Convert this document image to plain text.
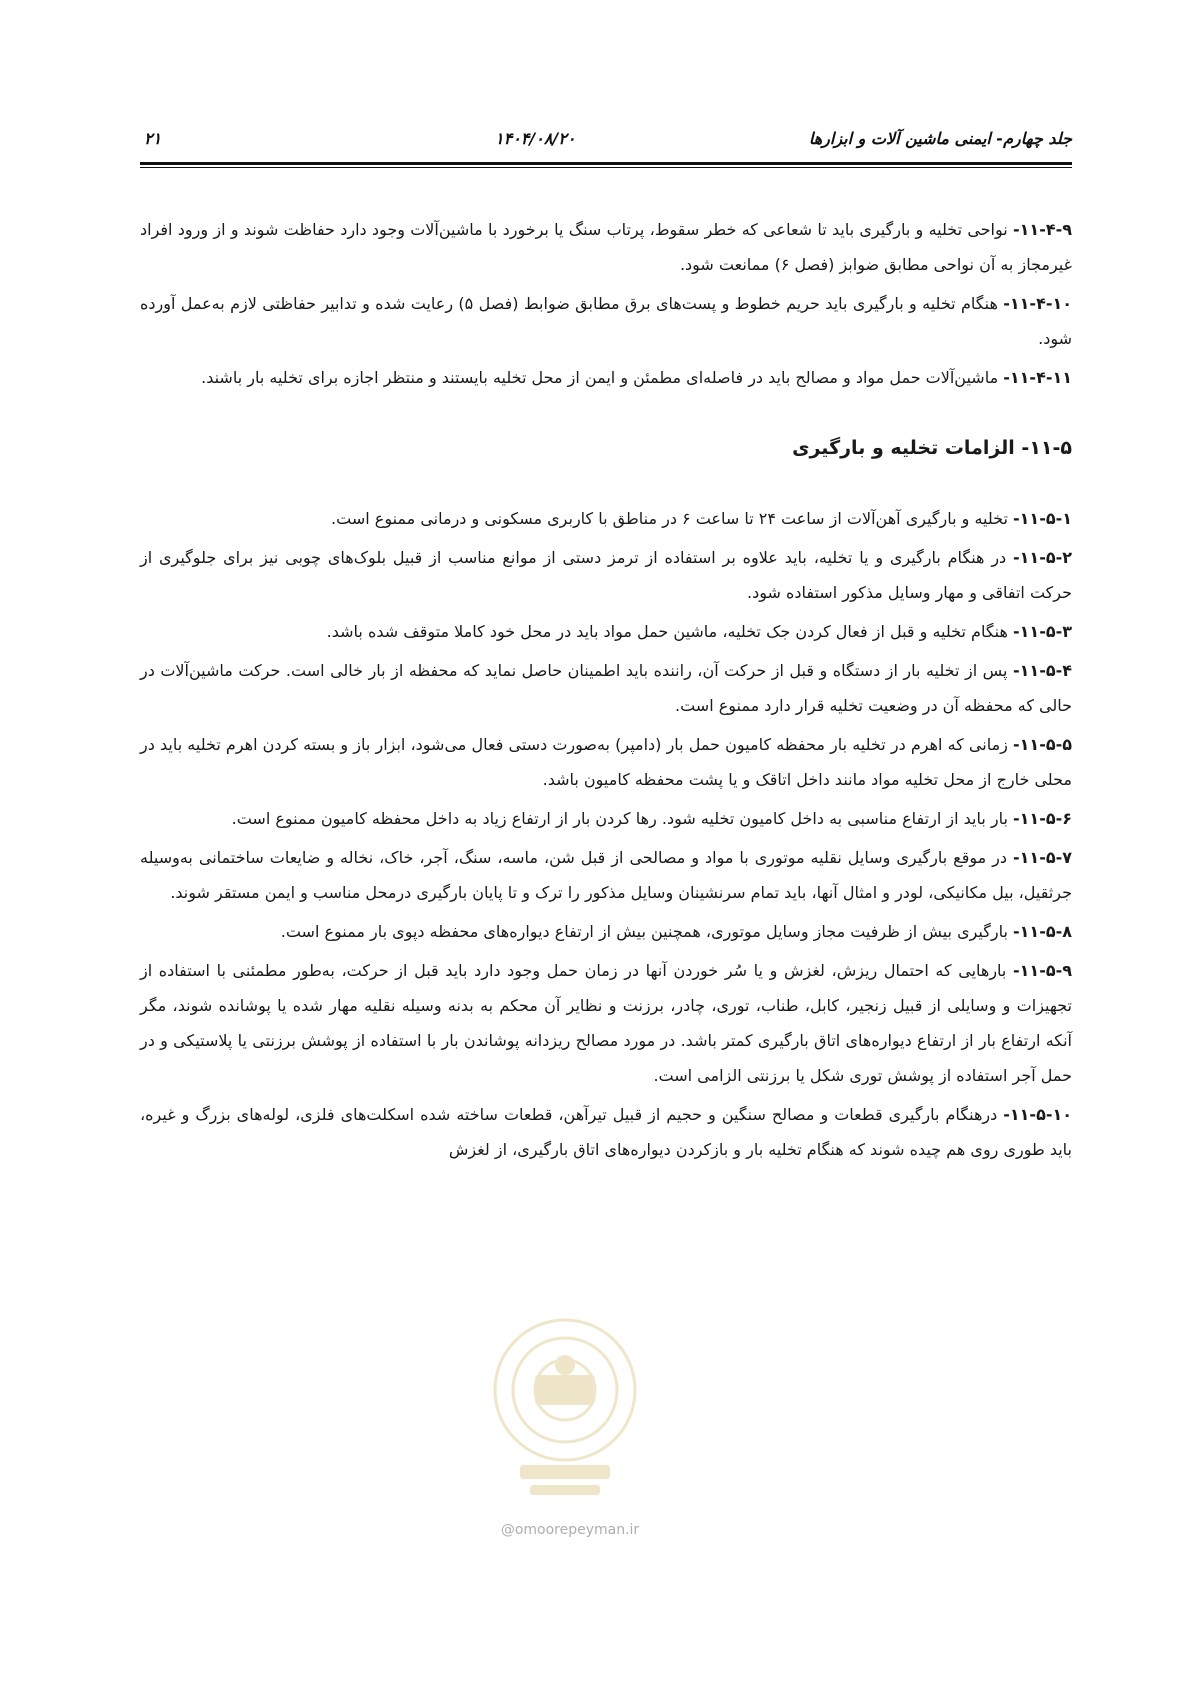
۲۱	۱۴۰۴/۰۸/۲۰	جلد چهارم- ایمنی ماشین آلات و ابزارها
@omoorepeyman.ir

۱۱-۴-۹- نواحی تخلیه و بارگیری باید تا شعاعی که خطر سقوط، پرتاب سنگ یا برخورد با ماشین‌آلات وجود دارد حفاظت شوند و از ورود افراد غیرمجاز به آن نواحی مطابق ضوابز (فصل ۶) ممانعت شود.

۱۱-۴-۱۰- هنگام تخلیه و بارگیری باید حریم خطوط و پست‌های برق مطابق ضوابط (فصل ۵) رعایت شده و تدابیر حفاظتی لازم به‌عمل آورده شود.

۱۱-۴-۱۱- ماشین‌آلات حمل مواد و مصالح باید در فاصله‌ای مطمئن و ایمن از محل تخلیه بایستند و منتظر اجازه برای تخلیه بار باشند.

۱۱-۵- الزامات تخلیه و بارگیری

۱۱-۵-۱- تخلیه و بارگیری آهن‌آلات از ساعت ۲۴ تا ساعت ۶ در مناطق با کاربری مسکونی و درمانی ممنوع است.

۱۱-۵-۲- در هنگام بارگیری و یا تخلیه، باید علاوه بر استفاده از ترمز دستی از موانع مناسب از قبیل بلوک‌های چوبی نیز برای جلوگیری از حرکت اتفاقی و مهار وسایل مذکور استفاده شود.

۱۱-۵-۳- هنگام تخلیه و قبل از فعال کردن جک تخلیه، ماشین حمل مواد باید در محل خود کاملا متوقف شده باشد.

۱۱-۵-۴- پس از تخلیه بار از دستگاه و قبل از حرکت آن، راننده باید اطمینان حاصل نماید که محفظه از بار خالی است. حرکت ماشین‌آلات در حالی که محفظه آن در وضعیت تخلیه قرار دارد ممنوع است.

۱۱-۵-۵- زمانی که اهرم در تخلیه بار محفظه کامیون حمل بار (دامپر) به‌صورت دستی فعال می‌شود، ابزار باز و بسته کردن اهرم تخلیه باید در محلی خارج از محل تخلیه مواد مانند داخل اتاقک و یا پشت محفظه کامیون باشد.

۱۱-۵-۶- بار باید از ارتفاع مناسبی به داخل کامیون تخلیه شود. رها کردن بار از ارتفاع زیاد به داخل محفظه کامیون ممنوع است.

۱۱-۵-۷- در موقع بارگیری وسایل نقلیه موتوری با مواد و مصالحی از قبل شن، ماسه، سنگ، آجر، خاک، نخاله و ضایعات ساختمانی به‌وسیله جرثقیل، بیل مکانیکی، لودر و امثال آنها، باید تمام سرنشینان وسایل مذکور را ترک و تا پایان بارگیری درمحل مناسب و ایمن مستقر شوند.

۱۱-۵-۸- بارگیری بیش از ظرفیت مجاز وسایل موتوری، همچنین بیش از ارتفاع دیواره‌های محفظه دپوی بار ممنوع است.

۱۱-۵-۹- بارهایی که احتمال ریزش، لغزش و یا سُر خوردن آنها در زمان حمل وجود دارد باید قبل از حرکت، به‌طور مطمئنی با استفاده از تجهیزات و وسایلی از قبیل زنجیر، کابل، طناب، توری، چادر، برزنت و نظایر آن محکم به بدنه وسیله نقلیه مهار شده یا پوشانده شوند، مگر آنکه ارتفاع بار از ارتفاع دیواره‌های اتاق بارگیری کمتر باشد. در مورد مصالح ریزدانه پوشاندن بار با استفاده از پوشش برزنتی یا پلاستیکی و در حمل آجر استفاده از پوشش توری شکل یا برزنتی الزامی است.

۱۱-۵-۱۰- درهنگام بارگیری قطعات و مصالح سنگین و حجیم از قبیل تیرآهن، قطعات ساخته شده اسکلت‌های فلزی، لوله‌های بزرگ و غیره، باید طوری روی هم چیده شوند که هنگام تخلیه بار و بازکردن دیواره‌های اتاق بارگیری، از لغزش
